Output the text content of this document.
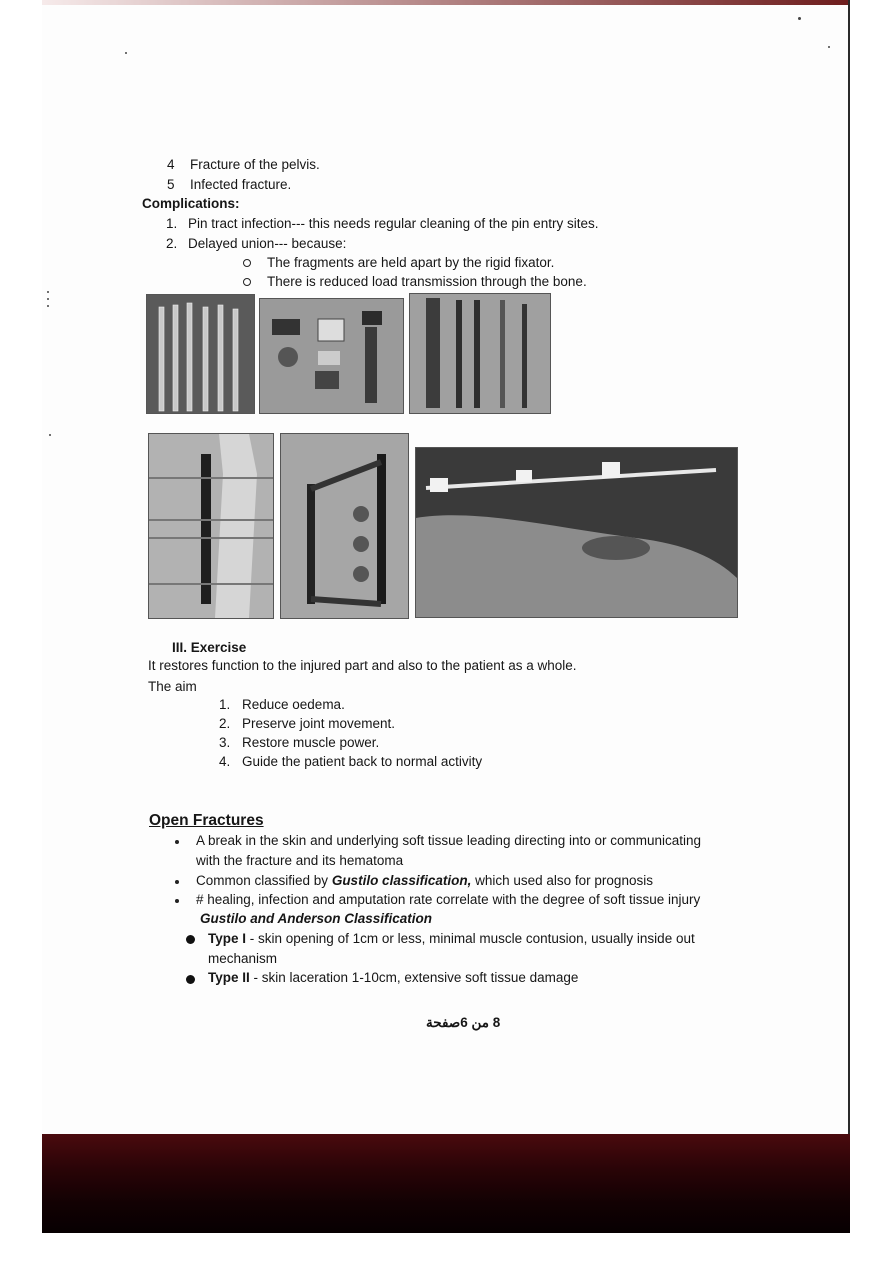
4 Fracture of the pelvis.
5 Infected fracture.
Complications:
1. Pin tract infection--- this needs regular cleaning of the pin entry sites.
2. Delayed union--- because:
The fragments are held apart by the rigid fixator.
There is reduced load transmission through the bone.
III. Exercise
It restores function to the injured part and also to the patient as a whole.
The aim
1. Reduce oedema.
2. Preserve joint movement.
3. Restore muscle power.
4. Guide the patient back to normal activity
Open Fractures
A break in the skin and underlying soft tissue leading directing into or communicating
with the fracture and its hematoma
Common classified by Gustilo classification, which used also for prognosis
# healing, infection and amputation rate correlate with the degree of soft tissue injury
Gustilo and Anderson Classification
Type I - skin opening of 1cm or less, minimal muscle contusion, usually inside out
mechanism
Type II - skin laceration 1-10cm, extensive soft tissue damage
8 من 6صفحة
